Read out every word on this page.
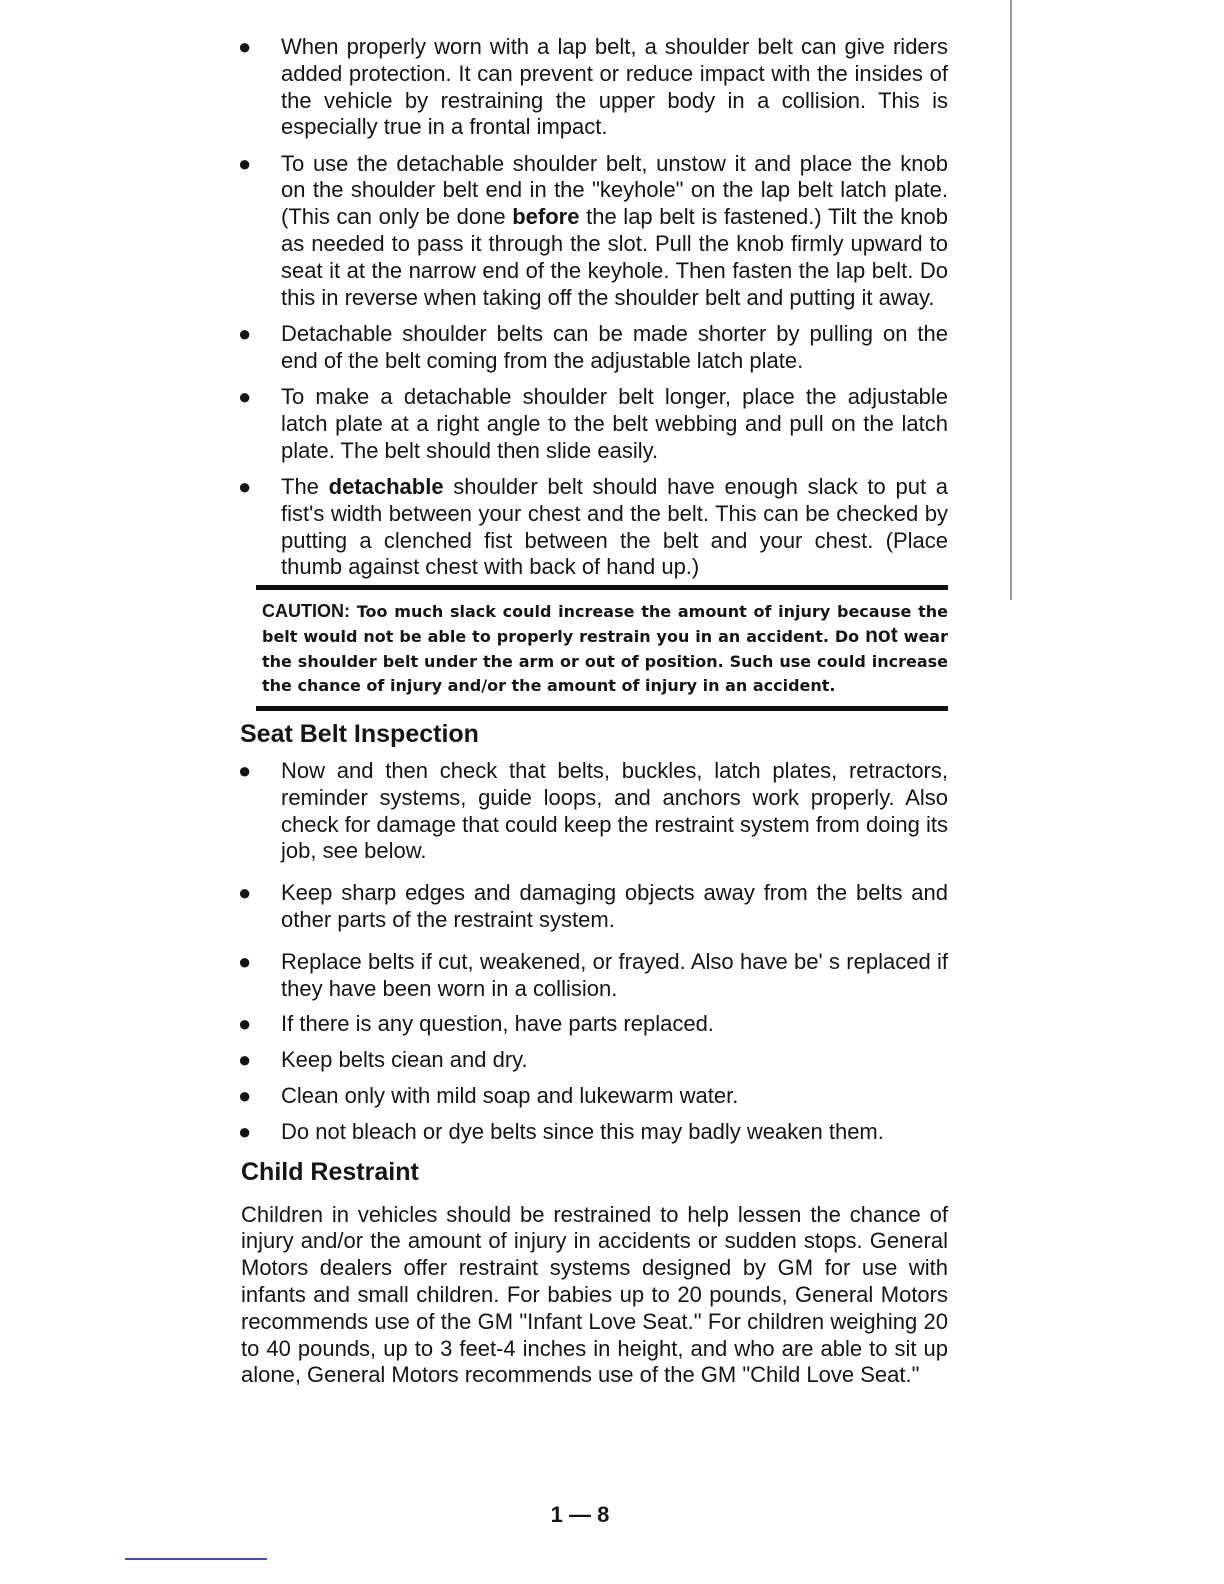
● When properly worn with a lap belt, a shoulder belt can give riders added protection. It can prevent or reduce impact with the insides of the vehicle by restraining the upper body in a collision. This is especially true in a frontal impact.
● To use the detachable shoulder belt, unstow it and place the knob on the shoulder belt end in the "keyhole" on the lap belt latch plate. (This can only be done before the lap belt is fastened.) Tilt the knob as needed to pass it through the slot. Pull the knob firmly upward to seat it at the narrow end of the keyhole. Then fasten the lap belt. Do this in reverse when taking off the shoulder belt and putting it away.
● Detachable shoulder belts can be made shorter by pulling on the end of the belt coming from the adjustable latch plate.
● To make a detachable shoulder belt longer, place the adjustable latch plate at a right angle to the belt webbing and pull on the latch plate. The belt should then slide easily.
● The detachable shoulder belt should have enough slack to put a fist's width between your chest and the belt. This can be checked by putting a clenched fist between the belt and your chest. (Place thumb against chest with back of hand up.)
CAUTION: Too much slack could increase the amount of injury because the belt would not be able to properly restrain you in an accident. Do not wear the shoulder belt under the arm or out of position. Such use could increase the chance of injury and/or the amount of injury in an accident.
Seat Belt Inspection
● Now and then check that belts, buckles, latch plates, retractors, reminder systems, guide loops, and anchors work properly. Also check for damage that could keep the restraint system from doing its job, see below.
● Keep sharp edges and damaging objects away from the belts and other parts of the restraint system.
● Replace belts if cut, weakened, or frayed. Also have be' s replaced if they have been worn in a collision.
● If there is any question, have parts replaced.
● Keep belts ciean and dry.
● Clean only with mild soap and lukewarm water.
● Do not bleach or dye belts since this may badly weaken them.
Child Restraint

Children in vehicles should be restrained to help lessen the chance of injury and/or the amount of injury in accidents or sudden stops. General Motors dealers offer restraint systems designed by GM for use with infants and small children. For babies up to 20 pounds, General Motors recommends use of the GM "Infant Love Seat." For children weighing 20 to 40 pounds, up to 3 feet-4 inches in height, and who are able to sit up alone, General Motors recommends use of the GM "Child Love Seat."

1 — 8
